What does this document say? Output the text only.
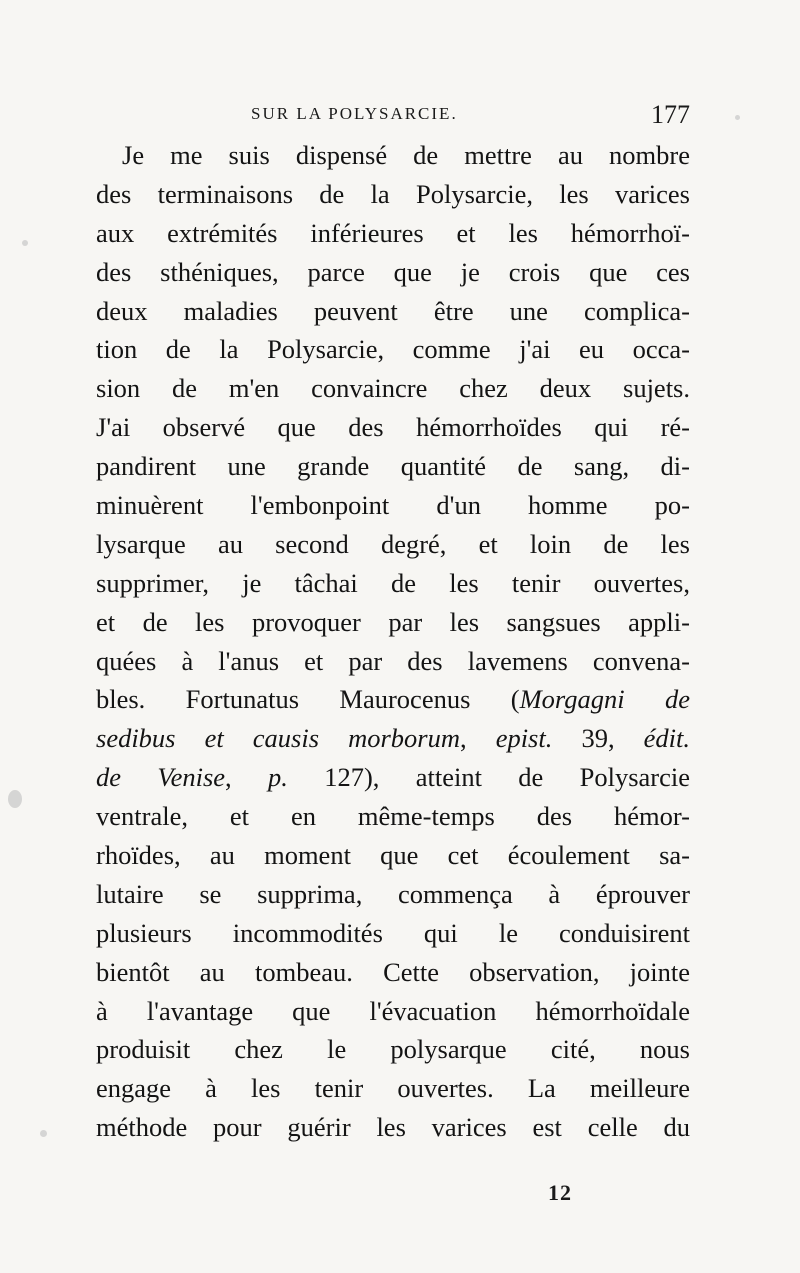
SUR LA POLYSARCIE.	177
Je me suis dispensé de mettre au nombre
des terminaisons de la Polysarcie, les varices
aux extrémités inférieures et les hémorrhoï-
des sthéniques, parce que je crois que ces
deux maladies peuvent être une complica-
tion de la Polysarcie, comme j'ai eu occa-
sion de m'en convaincre chez deux sujets.
J'ai observé que des hémorrhoïdes qui ré-
pandirent une grande quantité de sang, di-
minuèrent l'embonpoint d'un homme po-
lysarque au second degré, et loin de les
supprimer, je tâchai de les tenir ouvertes,
et de les provoquer par les sangsues appli-
quées à l'anus et par des lavemens convena-
bles. Fortunatus Maurocenus (Morgagni de
sedibus et causis morborum, epist. 39, édit.
de Venise, p. 127), atteint de Polysarcie
ventrale, et en même-temps des hémor-
rhoïdes, au moment que cet écoulement sa-
lutaire se supprima, commença à éprouver
plusieurs incommodités qui le conduisirent
bientôt au tombeau. Cette observation, jointe
à l'avantage que l'évacuation hémorrhoïdale
produisit chez le polysarque cité, nous
engage à les tenir ouvertes. La meilleure
méthode pour guérir les varices est celle du
12
